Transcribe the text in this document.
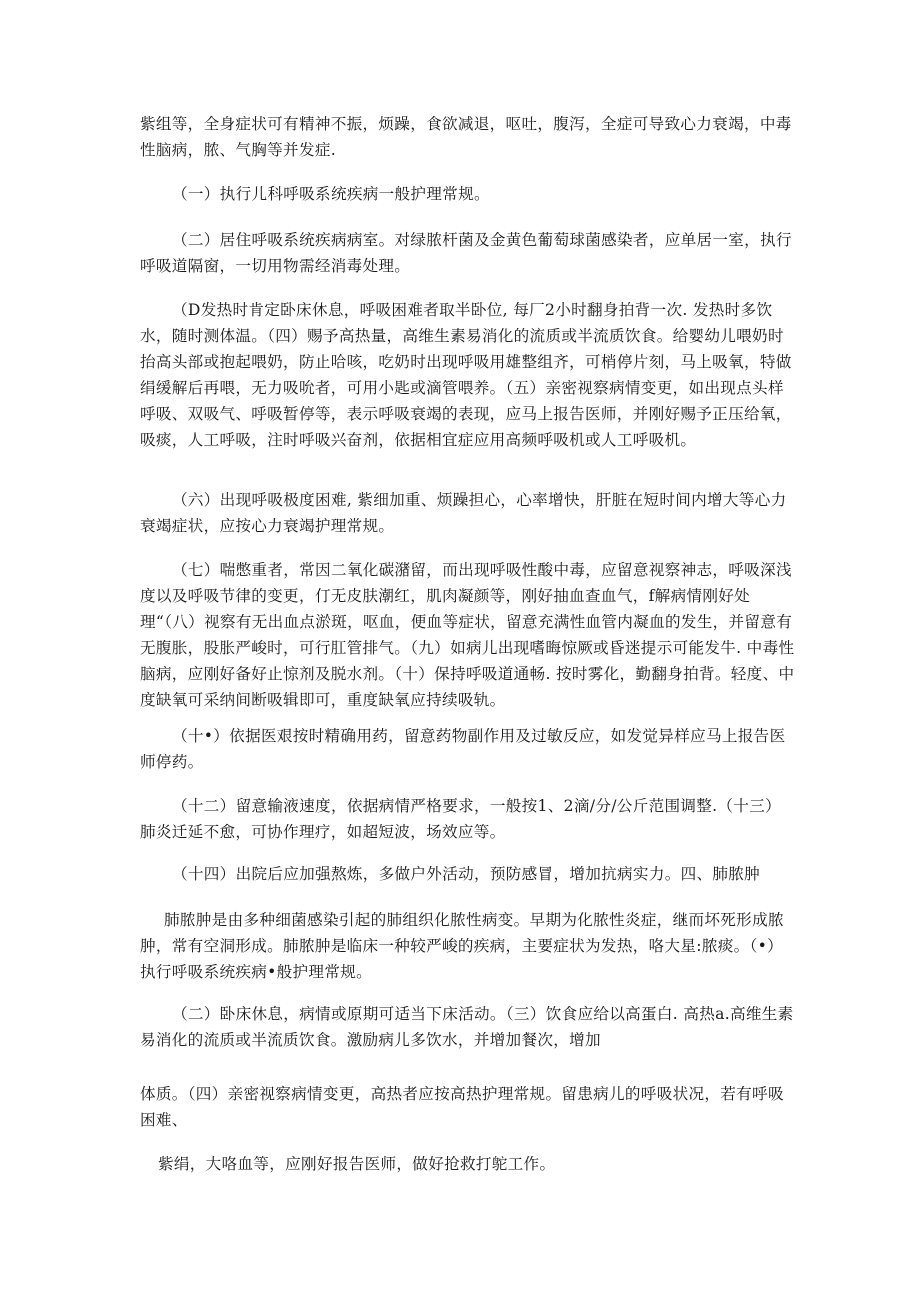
紫组等，全身症状可有精神不振，烦躁，食欲减退，呕吐，腹泻，全症可导致心力衰竭，中毒性脑病，脓、气胸等并发症.

（一）执行儿科呼吸系统疾病一般护理常规。

（二）居住呼吸系统疾病病室。对绿脓杆菌及金黄色葡萄球菌感染者，应单居一室，执行呼吸道隔窗，一切用物需经消毒处理。

（D发热时肯定卧床休息，呼吸困难者取半卧位, 每厂2小时翻身拍背一次. 发热时多饮水，随时测体温。（四）赐予高热量，高维生素易消化的流质或半流质饮食。给婴幼儿喂奶时抬高头部或抱起喂奶，防止哈咳，吃奶时出现呼吸用雄整组齐，可梢停片刻，马上吸氧，特做绢缓解后再喂，无力吸吮者，可用小匙或滴管喂养。（五）亲密视察病情变更，如出现点头样呼吸、双吸气、呼吸暂停等，表示呼吸衰竭的表现，应马上报告医师，并刚好赐予正压给氧，吸痰，人工呼吸，注时呼吸兴奋剂，依据相宜症应用高频呼吸机或人工呼吸机。

（六）出现呼吸极度困难, 紫细加重、烦躁担心，心率增快，肝脏在短时间内增大等心力衰竭症状，应按心力衰竭护理常规。

（七）喘憋重者，常因二氧化碳潴留，而出现呼吸性酸中毒，应留意视察神志，呼吸深浅度以及呼吸节律的变更，仃无皮肤潮红，肌肉凝颜等，刚好抽血查血气，f解病情刚好处理“（八）视察有无出血点淤斑，呕血，便血等症状，留意充满性血管内凝血的发生，并留意有无腹胀，股胀严峻时，可行肛管排气。（九）如病儿出现嗜晦惊厥或昏迷提示可能发牛. 中毒性脑病，应刚好备好止惊剂及脱水剂。（十）保持呼吸道通畅. 按时雾化，勤翻身拍背。轻度、中度缺氧可采纳间断吸辑即可，重度缺氧应持续吸轨。

（十•）依据医艰按时精确用药，留意药物副作用及过敏反应，如发觉异样应马上报告医师停药。

（十二）留意输液速度，依据病情严格要求，一般按1、2滴/分/公斤范围调整.（十三）肺炎迁延不愈，可协作理疗，如超短波，场效应等。

（十四）出院后应加强熬炼，多做户外活动，预防感冒，增加抗病实力。四、肺脓肿

肺脓肿是由多种细菌感染引起的肺组织化脓性病变。早期为化脓性炎症，继而坏死形成脓肿，常有空洞形成。肺脓肿是临床一种较严峻的疾病，主要症状为发热，咯大星:脓痰。（•）执行呼吸系统疾病•般护理常规。

（二）卧床休息，病情或原期可适当下床活动。（三）饮食应给以高蛋白. 高热a.高维生素易消化的流质或半流质饮食。激励病儿多饮水，并增加餐次，增加

体质。（四）亲密视察病情变更，高热者应按高热护理常规。留患病儿的呼吸状况，若有呼吸困难、

紫绢，大咯血等，应刚好报告医师，做好抢救打鸵工作。
